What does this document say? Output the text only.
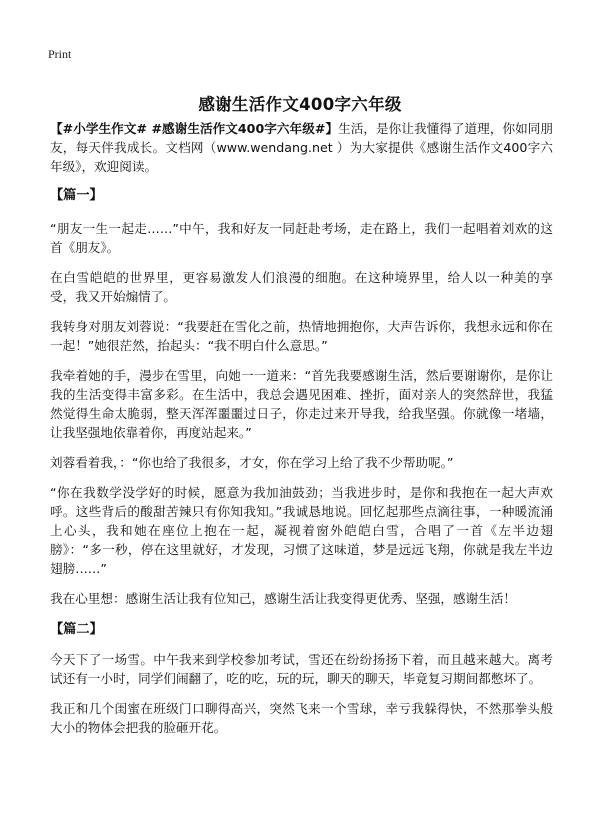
Print
感谢生活作文400字六年级

【#小学生作文# #感谢生活作文400字六年级#】生活，是你让我懂得了道理，你如同朋友，每天伴我成长。文档网（www.wendang.net ）为大家提供《感谢生活作文400字六年级》，欢迎阅读。

【篇一】

“朋友一生一起走……”中午，我和好友一同赶赴考场，走在路上，我们一起唱着刘欢的这首《朋友》。

在白雪皑皑的世界里，更容易激发人们浪漫的细胞。在这种境界里，给人以一种美的享受，我又开始煽情了。

我转身对朋友刘蓉说：“我要赶在雪化之前，热情地拥抱你，大声告诉你，我想永远和你在一起！”她很茫然，抬起头：“我不明白什么意思。”

我牵着她的手，漫步在雪里，向她一一道来：“首先我要感谢生活，然后要谢谢你，是你让我的生活变得丰富多彩。在生活中，我总会遇见困难、挫折，面对亲人的突然辞世，我猛然觉得生命太脆弱，整天浑浑噩噩过日子，你走过来开导我，给我坚强。你就像一堵墙，让我坚强地依靠着你，再度站起来。”

刘蓉看着我，：“你也给了我很多，才女，你在学习上给了我不少帮助呢。”

“你在我数学没学好的时候，愿意为我加油鼓劲；当我进步时，是你和我抱在一起大声欢呼。这些背后的酸甜苦辣只有你知我知。”我诚恳地说。回忆起那些点滴往事，一种暖流涌上心头，我和她在座位上抱在一起，凝视着窗外皑皑白雪，合唱了一首《左半边翅膀》：“多一秒，停在这里就好，才发现，习惯了这味道，梦是远远飞翔，你就是我左半边翅膀……”

我在心里想：感谢生活让我有位知己，感谢生活让我变得更优秀、坚强，感谢生活！

【篇二】

今天下了一场雪。中午我来到学校参加考试，雪还在纷纷扬扬下着，而且越来越大。离考试还有一小时，同学们闹翻了，吃的吃，玩的玩，聊天的聊天，毕竟复习期间都憋坏了。

我正和几个闺蜜在班级门口聊得高兴，突然飞来一个雪球，幸亏我躲得快，不然那拳头般大小的物体会把我的脸砸开花。
